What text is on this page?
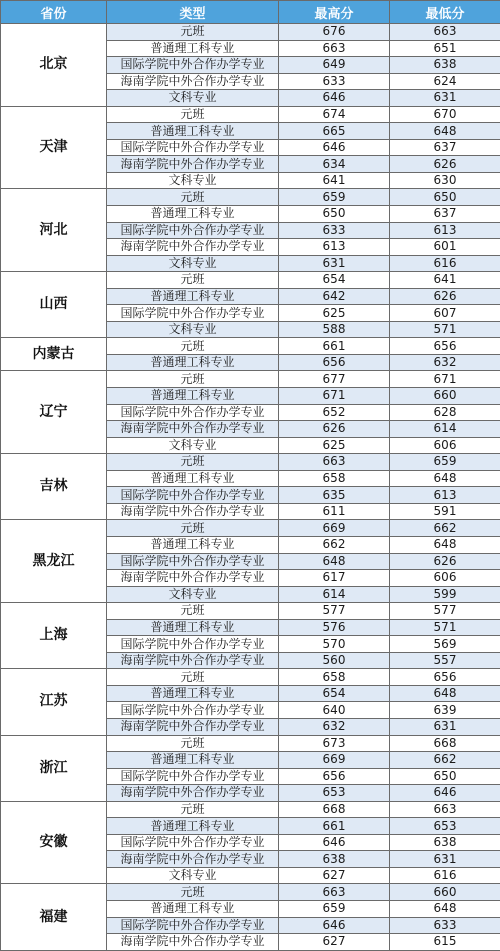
省份	类型	最高分	最低分
北京	元班	676	663
	普通理工科专业	663	651
	国际学院中外合作办学专业	649	638
	海南学院中外合作办学专业	633	624
	文科专业	646	631
天津	元班	674	670
	普通理工科专业	665	648
	国际学院中外合作办学专业	646	637
	海南学院中外合作办学专业	634	626
	文科专业	641	630
河北	元班	659	650
	普通理工科专业	650	637
	国际学院中外合作办学专业	633	613
	海南学院中外合作办学专业	613	601
	文科专业	631	616
山西	元班	654	641
	普通理工科专业	642	626
	国际学院中外合作办学专业	625	607
	文科专业	588	571
内蒙古	元班	661	656
	普通理工科专业	656	632
辽宁	元班	677	671
	普通理工科专业	671	660
	国际学院中外合作办学专业	652	628
	海南学院中外合作办学专业	626	614
	文科专业	625	606
吉林	元班	663	659
	普通理工科专业	658	648
	国际学院中外合作办学专业	635	613
	海南学院中外合作办学专业	611	591
黑龙江	元班	669	662
	普通理工科专业	662	648
	国际学院中外合作办学专业	648	626
	海南学院中外合作办学专业	617	606
	文科专业	614	599
上海	元班	577	577
	普通理工科专业	576	571
	国际学院中外合作办学专业	570	569
	海南学院中外合作办学专业	560	557
江苏	元班	658	656
	普通理工科专业	654	648
	国际学院中外合作办学专业	640	639
	海南学院中外合作办学专业	632	631
浙江	元班	673	668
	普通理工科专业	669	662
	国际学院中外合作办学专业	656	650
	海南学院中外合作办学专业	653	646
安徽	元班	668	663
	普通理工科专业	661	653
	国际学院中外合作办学专业	646	638
	海南学院中外合作办学专业	638	631
	文科专业	627	616
福建	元班	663	660
	普通理工科专业	659	648
	国际学院中外合作办学专业	646	633
	海南学院中外合作办学专业	627	615
